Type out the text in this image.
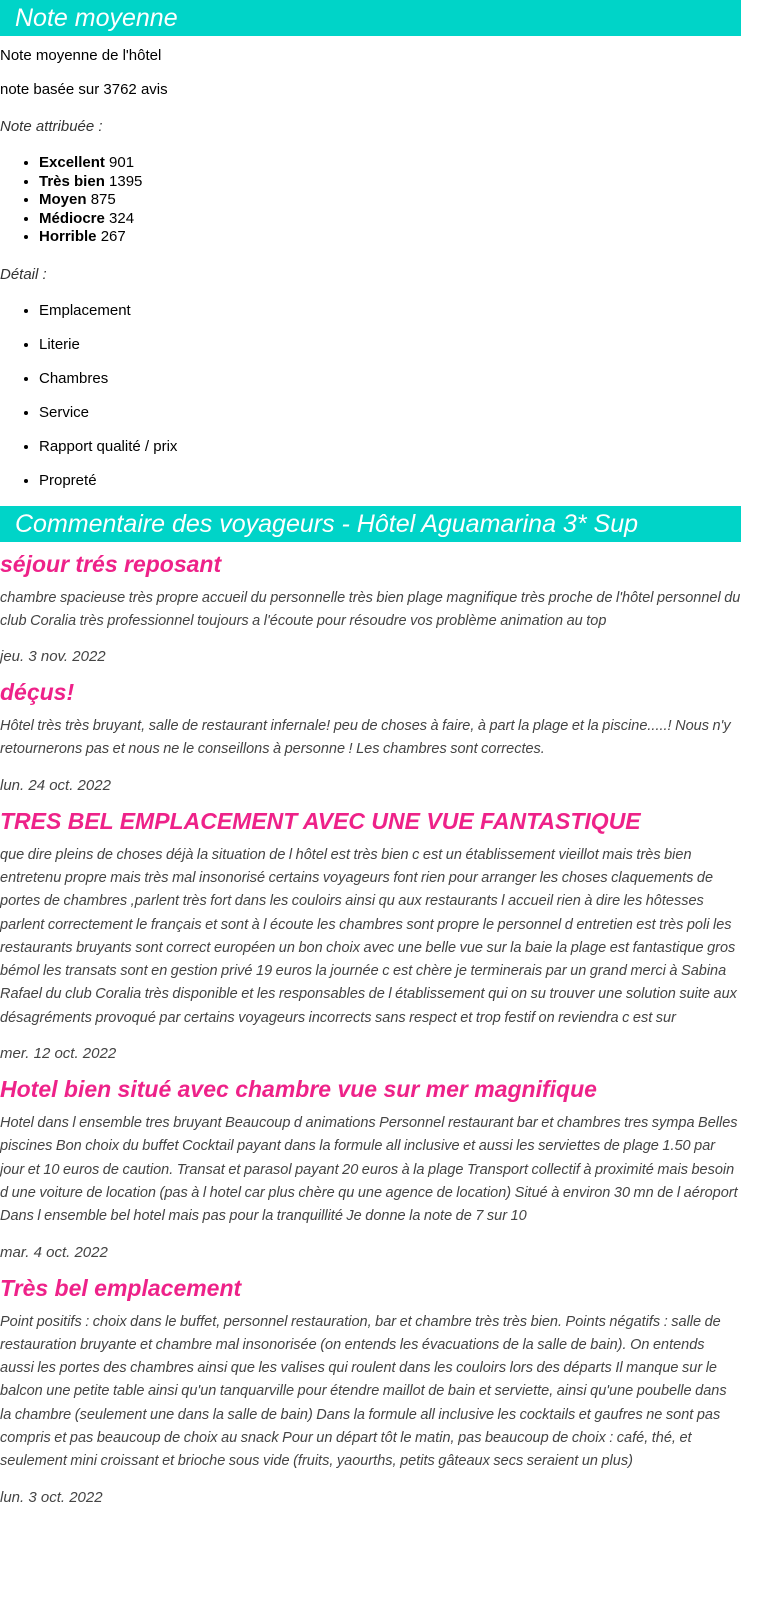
Note moyenne

Note moyenne de l'hôtel

note basée sur 3762 avis

Note attribuée :

• Excellent 901
• Très bien 1395
• Moyen 875
• Médiocre 324
• Horrible 267

Détail :

• Emplacement
• Literie
• Chambres
• Service
• Rapport qualité / prix
• Propreté
Commentaire des voyageurs - Hôtel Aguamarina 3* Sup
séjour trés reposant

chambre spacieuse très propre accueil du personnelle très bien plage magnifique très proche de l'hôtel personnel du club Coralia très professionnel toujours a l'écoute pour résoudre vos problème animation au top

jeu. 3 nov. 2022

déçus!

Hôtel très très bruyant, salle de restaurant infernale! peu de choses à faire, à part la plage et la piscine.....! Nous n'y retournerons pas et nous ne le conseillons à personne ! Les chambres sont correctes.

lun. 24 oct. 2022

TRES BEL EMPLACEMENT AVEC UNE VUE FANTASTIQUE

que dire pleins de choses déjà la situation de l hôtel est très bien c est un établissement vieillot mais très bien entretenu propre mais très mal insonorisé certains voyageurs font rien pour arranger les choses claquements de portes de chambres ,parlent très fort dans les couloirs ainsi qu aux restaurants l accueil rien à dire les hôtesses parlent correctement le français et sont à l écoute les chambres sont propre le personnel d entretien est très poli les restaurants bruyants sont correct européen un bon choix avec une belle vue sur la baie la plage est fantastique gros bémol les transats sont en gestion privé 19 euros la journée c est chère je terminerais par un grand merci à Sabina Rafael du club Coralia très disponible et les responsables de l établissement qui on su trouver une solution suite aux désagréments provoqué par certains voyageurs incorrects sans respect et trop festif on reviendra c est sur

mer. 12 oct. 2022

Hotel bien situé avec chambre vue sur mer magnifique

Hotel dans l ensemble tres bruyant Beaucoup d animations Personnel restaurant bar et chambres tres sympa Belles piscines Bon choix du buffet Cocktail payant dans la formule all inclusive et aussi les serviettes de plage 1.50 par jour et 10 euros de caution. Transat et parasol payant 20 euros à la plage Transport collectif à proximité mais besoin d une voiture de location (pas à l hotel car plus chère qu une agence de location) Situé à environ 30 mn de l aéroport Dans l ensemble bel hotel mais pas pour la tranquillité Je donne la note de 7 sur 10

mar. 4 oct. 2022

Très bel emplacement

Point positifs : choix dans le buffet, personnel restauration, bar et chambre très très bien. Points négatifs : salle de restauration bruyante et chambre mal insonorisée (on entends les évacuations de la salle de bain). On entends aussi les portes des chambres ainsi que les valises qui roulent dans les couloirs lors des départs Il manque sur le balcon une petite table ainsi qu'un tanquarville pour étendre maillot de bain et serviette, ainsi qu'une poubelle dans la chambre (seulement une dans la salle de bain) Dans la formule all inclusive les cocktails et gaufres ne sont pas compris et pas beaucoup de choix au snack Pour un départ tôt le matin, pas beaucoup de choix : café, thé, et seulement mini croissant et brioche sous vide (fruits, yaourths, petits gâteaux secs seraient un plus)

lun. 3 oct. 2022
